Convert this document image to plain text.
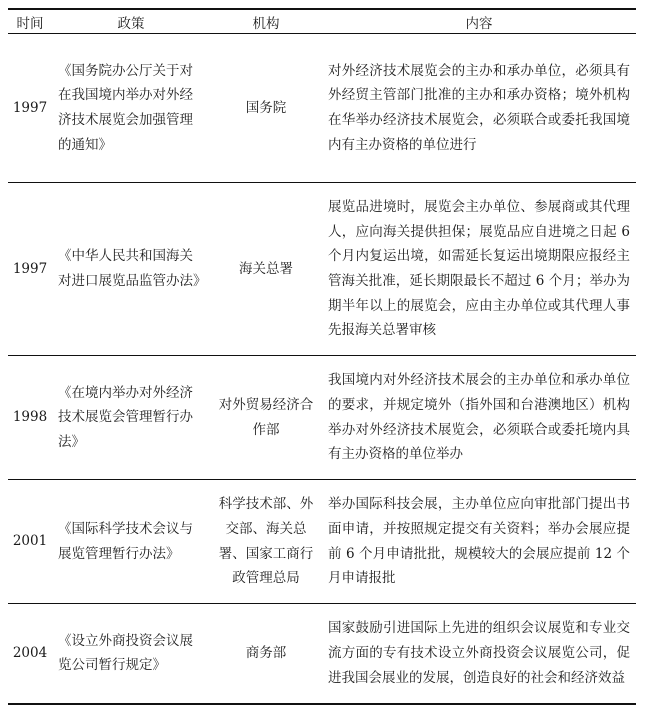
时间	政策	机构	内容
1997	《国务院办公厅关于对在我国境内举办对外经济技术展览会加强管理的通知》	国务院	对外经济技术展览会的主办和承办单位，必须具有外经贸主管部门批准的主办和承办资格；境外机构在华举办经济技术展览会，必须联合或委托我国境内有主办资格的单位进行
1997	《中华人民共和国海关对进口展览品监管办法》	海关总署	展览品进境时，展览会主办单位、参展商或其代理人，应向海关提供担保；展览品应自进境之日起 6 个月内复运出境，如需延长复运出境期限应报经主管海关批准，延长期限最长不超过 6 个月；举办为期半年以上的展览会，应由主办单位或其代理人事先报海关总署审核
1998	《在境内举办对外经济技术展览会管理暂行办法》	对外贸易经济合作部	我国境内对外经济技术展会的主办单位和承办单位的要求，并规定境外（指外国和台港澳地区）机构举办对外经济技术展览会，必须联合或委托境内具有主办资格的单位举办
2001	《国际科学技术会议与展览管理暂行办法》	科学技术部、外交部、海关总署、国家工商行政管理总局	举办国际科技会展，主办单位应向审批部门提出书面申请，并按照规定提交有关资料；举办会展应提前 6 个月申请批批，规模较大的会展应提前 12 个月申请报批
2004	《设立外商投资会议展览公司暂行规定》	商务部	国家鼓励引进国际上先进的组织会议展览和专业交流方面的专有技术设立外商投资会议展览公司，促进我国会展业的发展，创造良好的社会和经济效益
